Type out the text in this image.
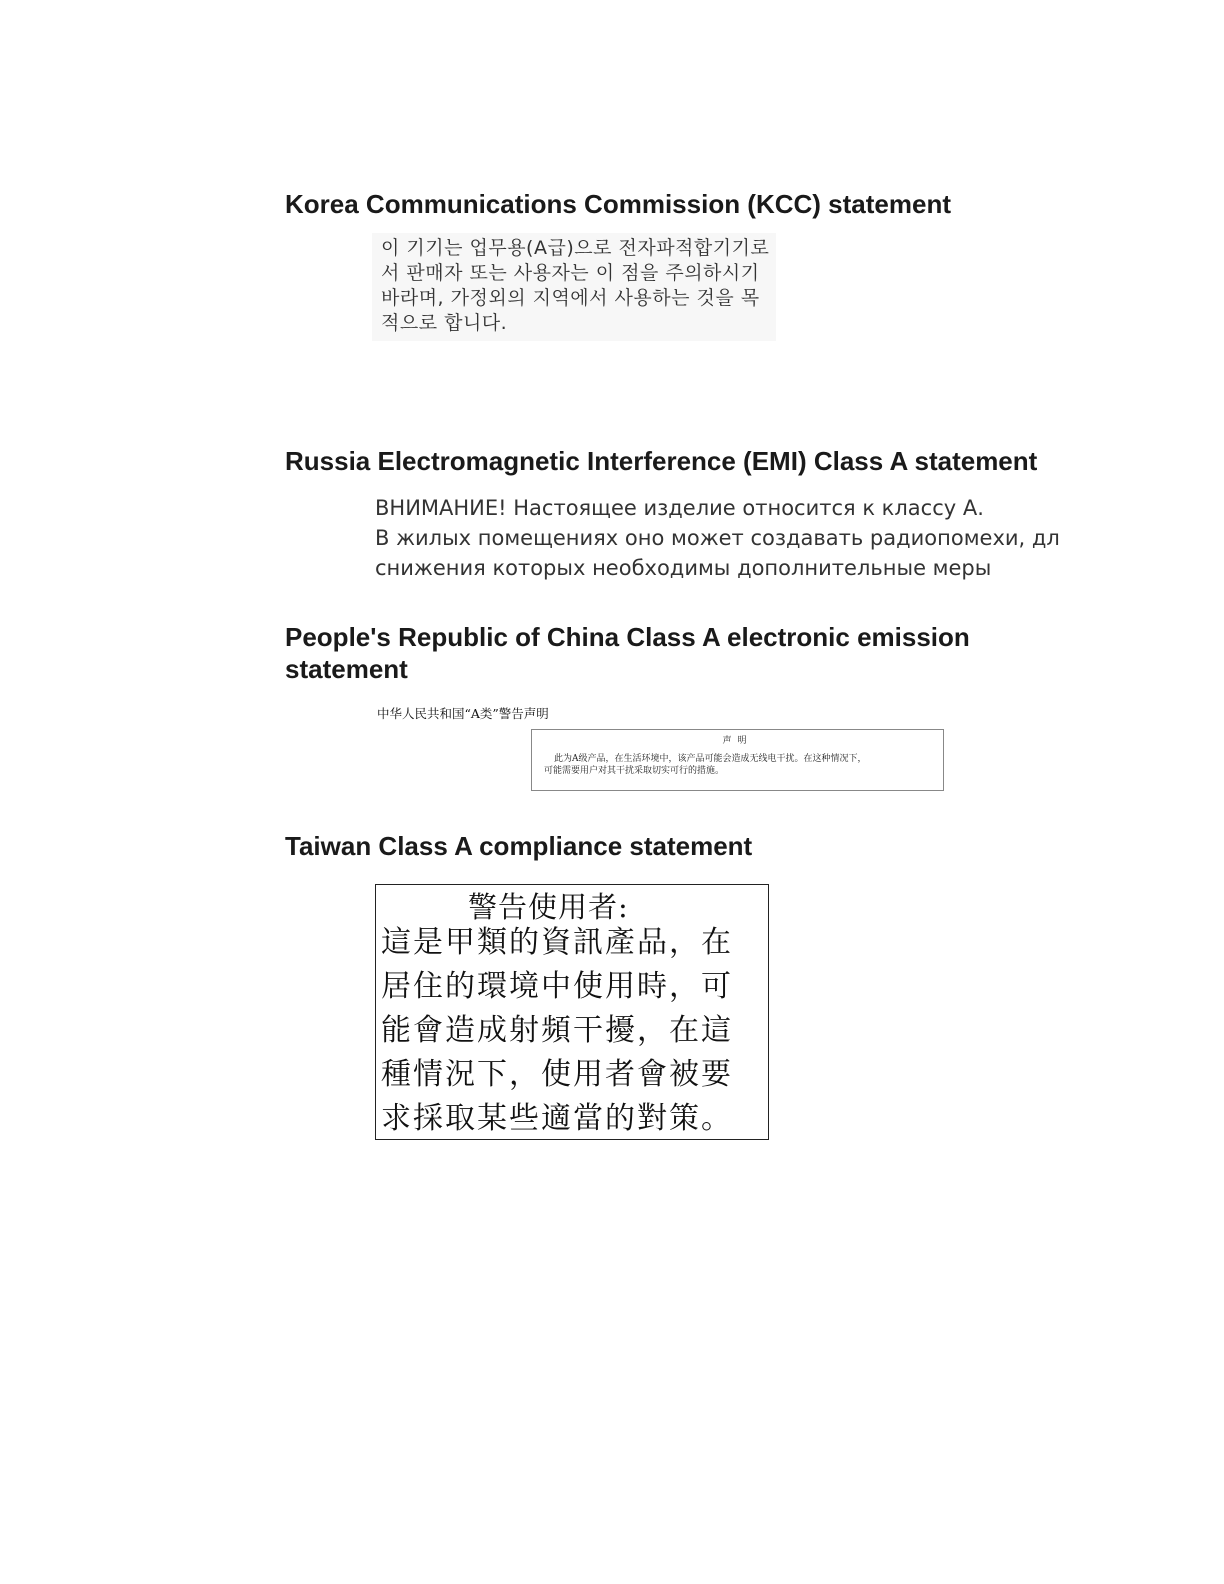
Korea Communications Commission (KCC) statement
이 기기는 업무용(A급)으로 전자파적합기기로
서 판매자 또는 사용자는 이 점을 주의하시기
바라며, 가정외의 지역에서 사용하는 것을 목
적으로 합니다.
Russia Electromagnetic Interference (EMI) Class A statement
ВНИМАНИЕ! Настоящее изделие относится к классу А.
В жилых помещениях оно может создавать радиопомехи, дл
снижения которых необходимы дополнительные меры
People's Republic of China Class A electronic emission statement
中华人民共和国“A类”警告声明
声明
此为A级产品，在生活环境中，该产品可能会造成无线电干扰。在这种情况下，
可能需要用户对其干扰采取切实可行的措施。
Taiwan Class A compliance statement
警告使用者:
這是甲類的資訊產品，在
居住的環境中使用時，可
能會造成射頻干擾，在這
種情況下，使用者會被要
求採取某些適當的對策。
